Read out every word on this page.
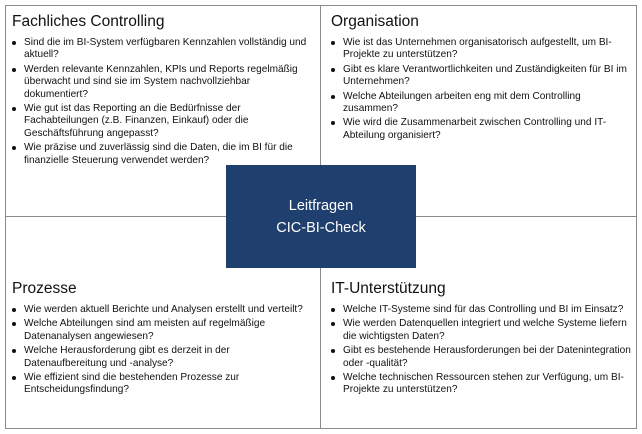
Fachliches Controlling
Sind die im BI-System verfügbaren Kennzahlen vollständig und aktuell?
Werden relevante Kennzahlen, KPIs und Reports regelmäßig überwacht und sind sie im System nachvollziehbar dokumentiert?
Wie gut ist das Reporting an die Bedürfnisse der Fachabteilungen (z.B. Finanzen, Einkauf) oder die Geschäftsführung angepasst?
Wie präzise und zuverlässig sind die Daten, die im BI für die finanzielle Steuerung verwendet werden?
Organisation
Wie ist das Unternehmen organisatorisch aufgestellt, um BI-Projekte zu unterstützen?
Gibt es klare Verantwortlichkeiten und Zuständigkeiten für BI im Unternehmen?
Welche Abteilungen arbeiten eng mit dem Controlling zusammen?
Wie wird die Zusammenarbeit zwischen Controlling und IT-Abteilung organisiert?
Prozesse
Wie werden aktuell Berichte und Analysen erstellt und verteilt?
Welche Abteilungen sind am meisten auf regelmäßige Datenanalysen angewiesen?
Welche Herausforderung gibt es derzeit in der Datenaufbereitung und -analyse?
Wie effizient sind die bestehenden Prozesse zur Entscheidungsfindung?
IT-Unterstützung
Welche IT-Systeme sind für das Controlling und BI im Einsatz?
Wie werden Datenquellen integriert und welche Systeme liefern die wichtigsten Daten?
Gibt es bestehende Herausforderungen bei der Datenintegration oder -qualität?
Welche technischen Ressourcen stehen zur Verfügung, um BI-Projekte zu unterstützen?
Leitfragen
CIC-BI-Check
